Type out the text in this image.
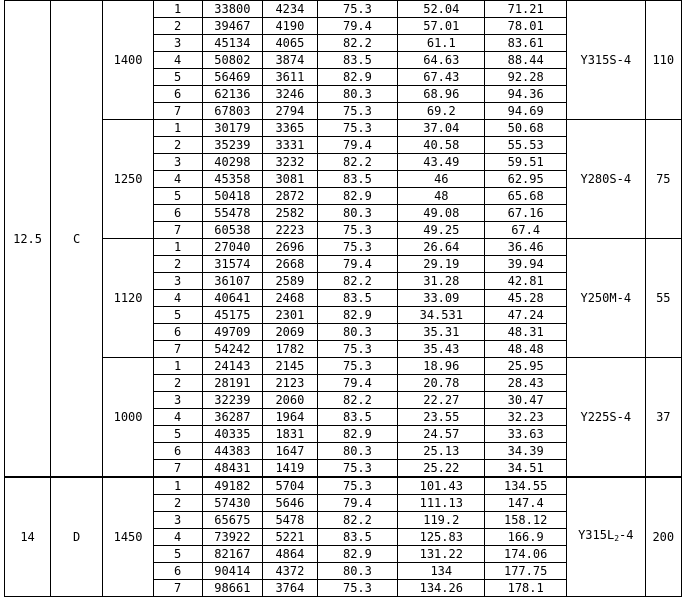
12.5	C	1400	1	33800	4234	75.3	52.04	71.21	Y315S-4	110
			2	39467	4190	79.4	57.01	78.01		
			3	45134	4065	82.2	61.1	83.61		
			4	50802	3874	83.5	64.63	88.44		
			5	56469	3611	82.9	67.43	92.28		
			6	62136	3246	80.3	68.96	94.36		
			7	67803	2794	75.3	69.2	94.69		
		1250	1	30179	3365	75.3	37.04	50.68	Y280S-4	75
			2	35239	3331	79.4	40.58	55.53		
			3	40298	3232	82.2	43.49	59.51		
			4	45358	3081	83.5	46	62.95		
			5	50418	2872	82.9	48	65.68		
			6	55478	2582	80.3	49.08	67.16		
			7	60538	2223	75.3	49.25	67.4		
		1120	1	27040	2696	75.3	26.64	36.46	Y250M-4	55
			2	31574	2668	79.4	29.19	39.94		
			3	36107	2589	82.2	31.28	42.81		
			4	40641	2468	83.5	33.09	45.28		
			5	45175	2301	82.9	34.531	47.24		
			6	49709	2069	80.3	35.31	48.31		
			7	54242	1782	75.3	35.43	48.48		
		1000	1	24143	2145	75.3	18.96	25.95	Y225S-4	37
			2	28191	2123	79.4	20.78	28.43		
			3	32239	2060	82.2	22.27	30.47		
			4	36287	1964	83.5	23.55	32.23		
			5	40335	1831	82.9	24.57	33.63		
			6	44383	1647	80.3	25.13	34.39		
			7	48431	1419	75.3	25.22	34.51		
14	D	1450	1	49182	5704	75.3	101.43	134.55	$Y315L_2-4$	200
			2	57430	5646	79.4	111.13	147.4		
			3	65675	5478	82.2	119.2	158.12		
			4	73922	5221	83.5	125.83	166.9		
			5	82167	4864	82.9	131.22	174.06		
			6	90414	4372	80.3	134	177.75		
			7	98661	3764	75.3	134.26	178.1		
